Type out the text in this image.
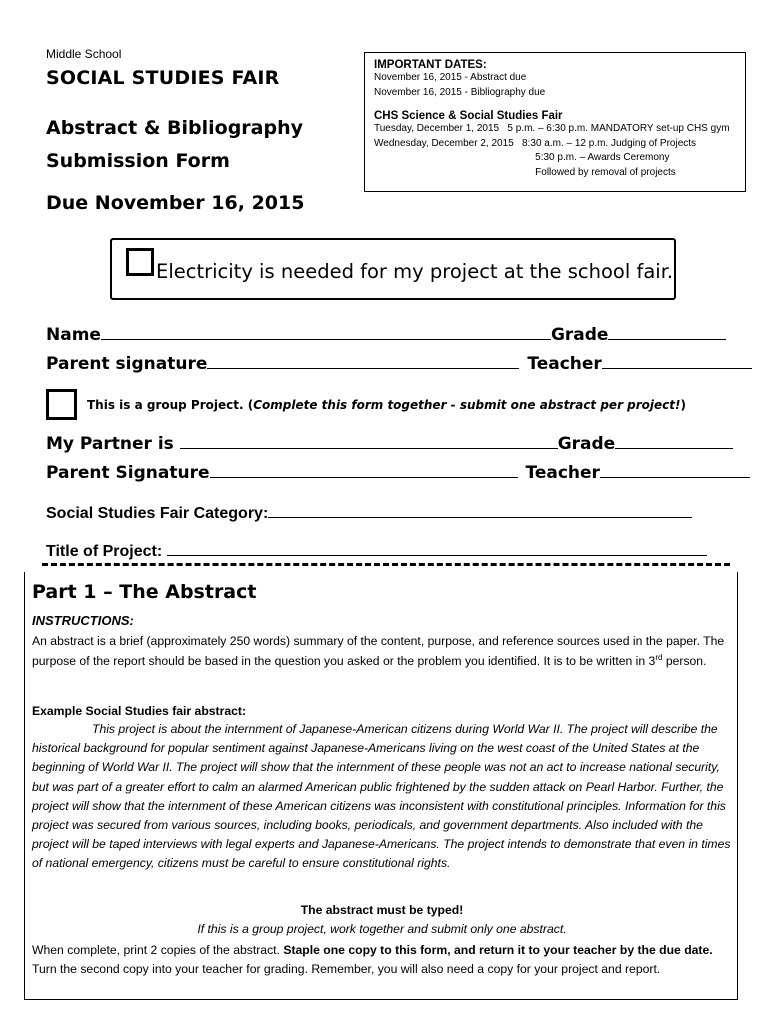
Middle School
SOCIAL STUDIES FAIR
Abstract & Bibliography
Submission Form
Due November 16, 2015
IMPORTANT DATES:
November 16, 2015 - Abstract due
November 16, 2015 - Bibliography due
CHS Science & Social Studies Fair
Tuesday, December 1, 2015   5 p.m. – 6:30 p.m. MANDATORY set-up CHS gym
Wednesday, December 2, 2015   8:30 a.m. – 12 p.m. Judging of Projects
5:30 p.m. – Awards Ceremony
Followed by removal of projects
Electricity is needed for my project at the school fair.
Name	Grade
Parent signature	Teacher
This is a group Project. (Complete this form together - submit one abstract per project!)
My Partner is	Grade
Parent Signature	Teacher
Social Studies Fair Category:
Title of Project:
Part 1 – The Abstract
INSTRUCTIONS:
An abstract is a brief (approximately 250 words) summary of the content, purpose, and reference sources used in the paper. The purpose of the report should be based in the question you asked or the problem you identified. It is to be written in 3rd person.
Example Social Studies fair abstract:
This project is about the internment of Japanese-American citizens during World War II. The project will describe the historical background for popular sentiment against Japanese-Americans living on the west coast of the United States at the beginning of World War II. The project will show that the internment of these people was not an act to increase national security, but was part of a greater effort to calm an alarmed American public frightened by the sudden attack on Pearl Harbor. Further, the project will show that the internment of these American citizens was inconsistent with constitutional principles. Information for this project was secured from various sources, including books, periodicals, and government departments. Also included with the project will be taped interviews with legal experts and Japanese-Americans. The project intends to demonstrate that even in times of national emergency, citizens must be careful to ensure constitutional rights.
The abstract must be typed!
If this is a group project, work together and submit only one abstract.
When complete, print 2 copies of the abstract. Staple one copy to this form, and return it to your teacher by the due date. Turn the second copy into your teacher for grading. Remember, you will also need a copy for your project and report.
